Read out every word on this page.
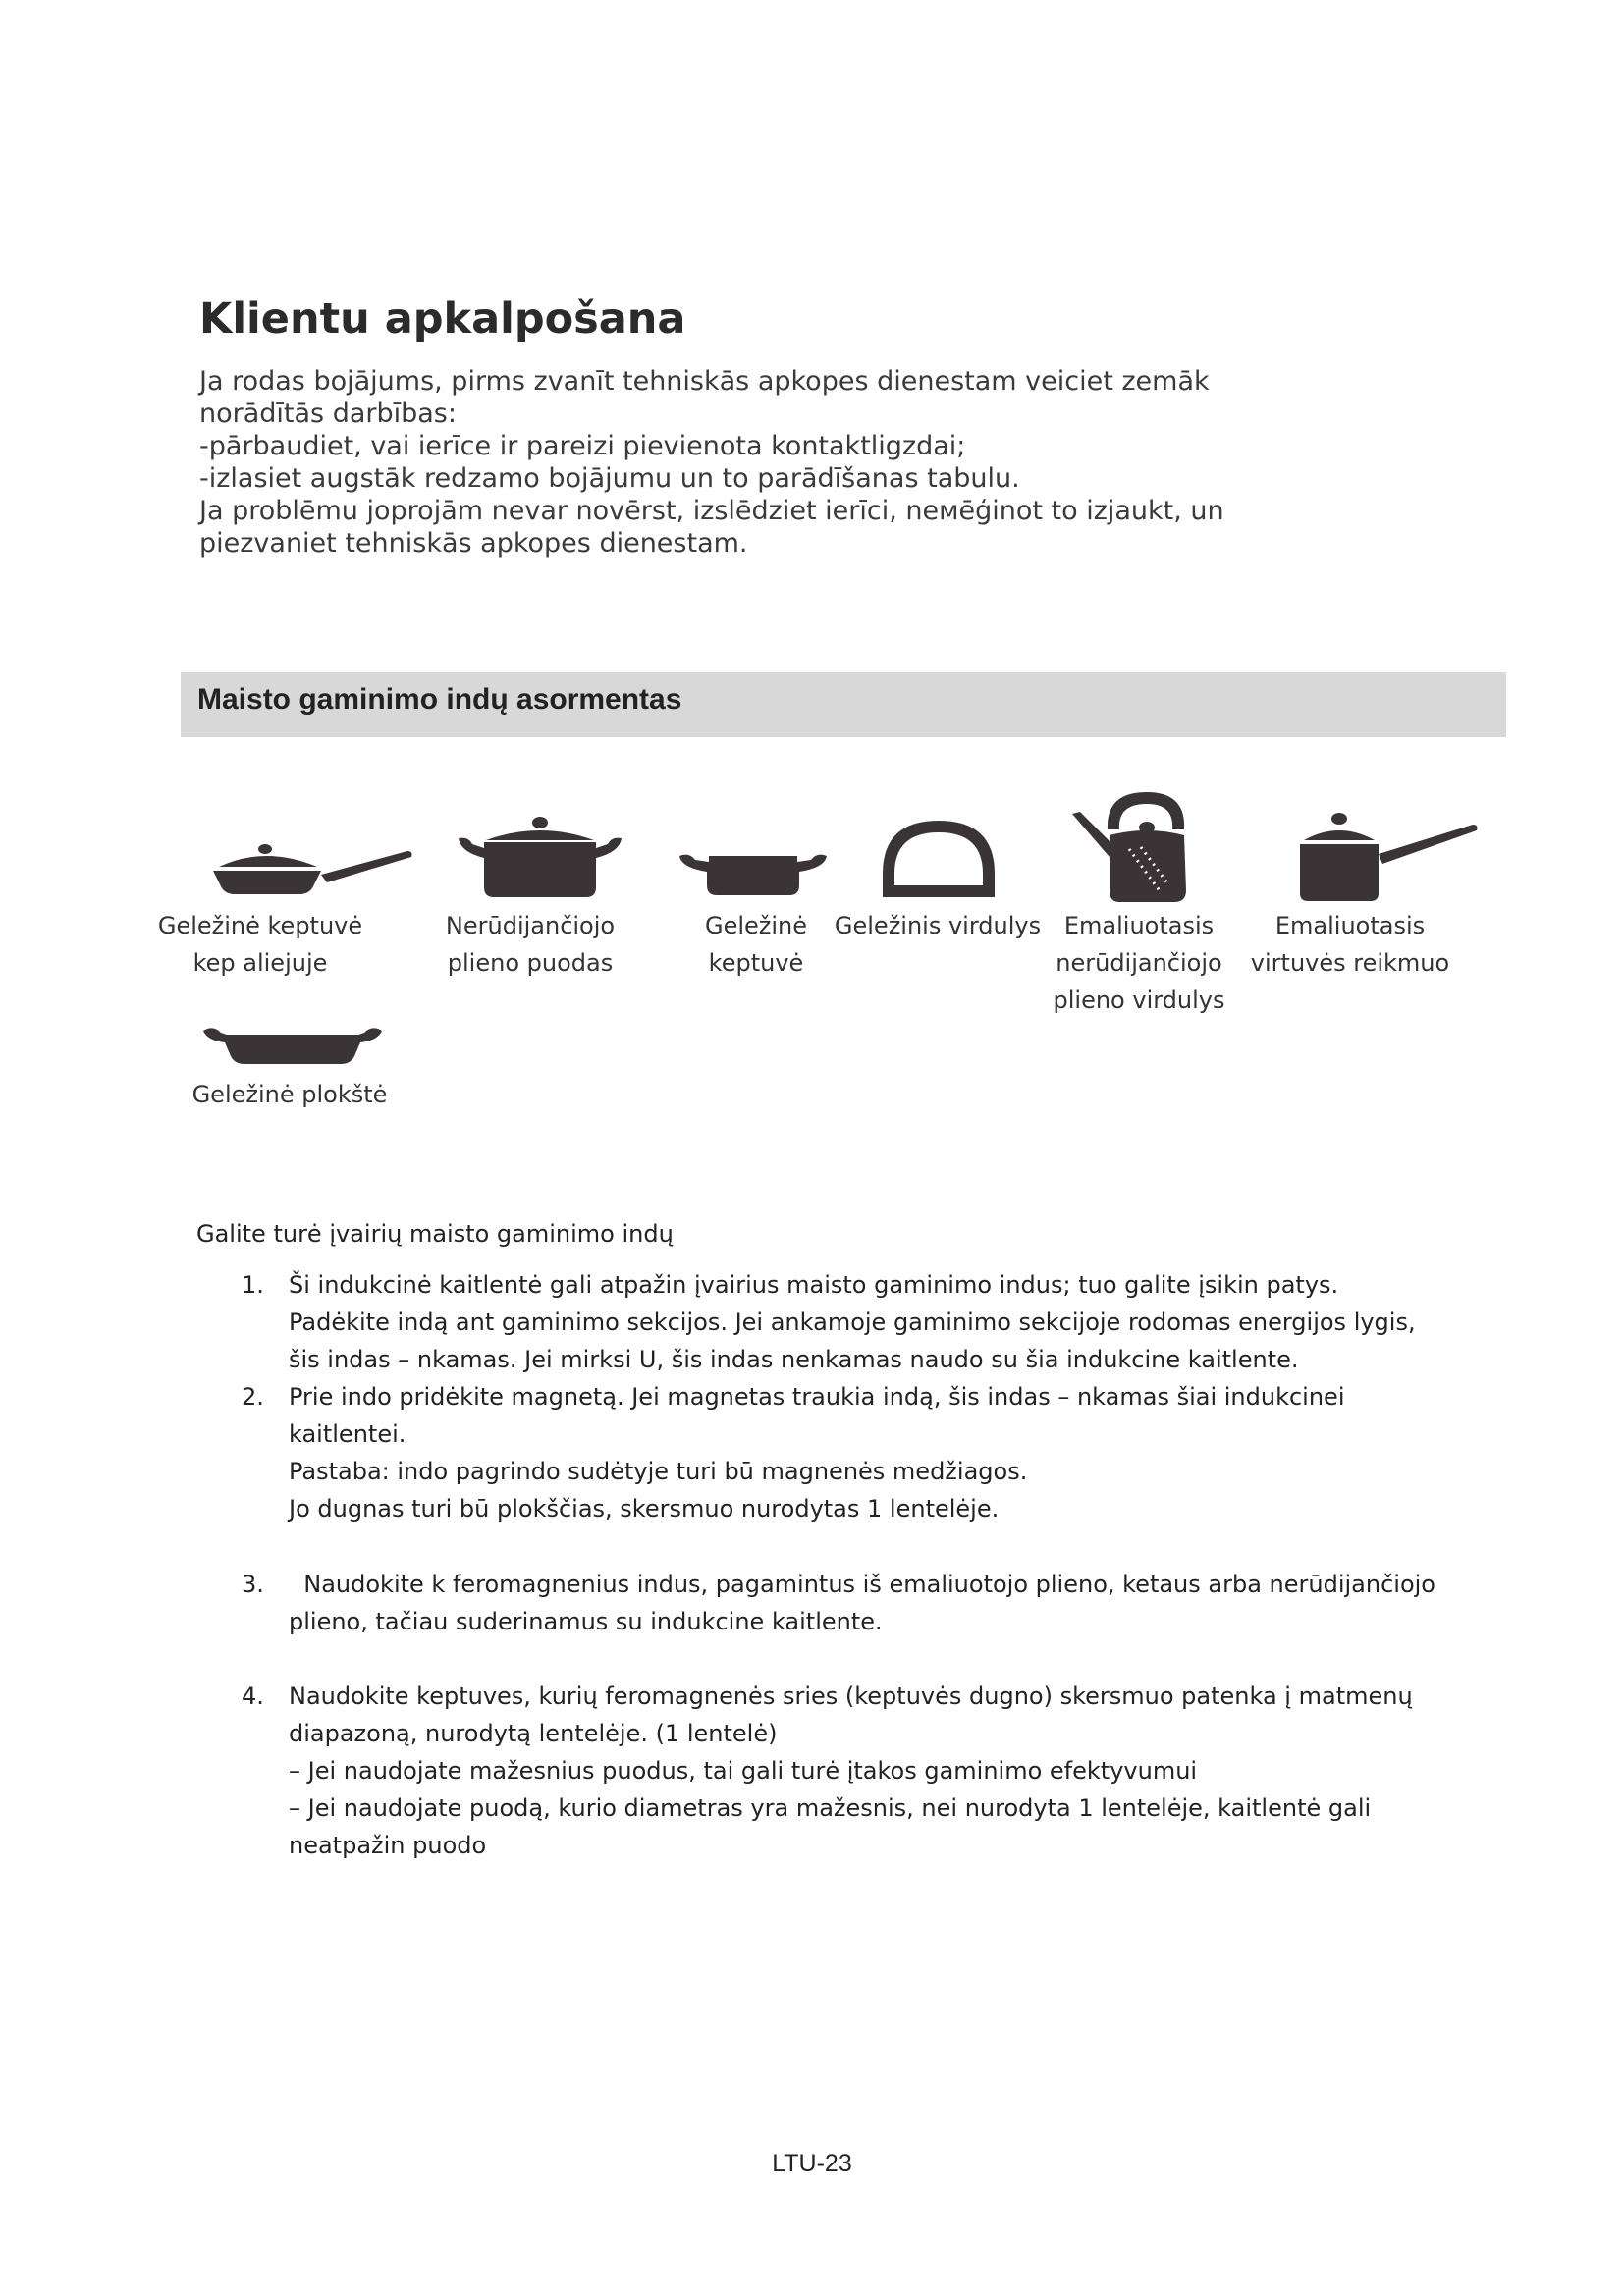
Klientu apkalpošana
Ja rodas bojājums, pirms zvanīt tehniskās apkopes dienestam veiciet zemāk
norādītās darbības:
-pārbaudiet, vai ierīce ir pareizi pievienota kontaktligzdai;
-izlasiet augstāk redzamo bojājumu un to parādīšanas tabulu.
Ja problēmu joprojām nevar novērst, izslēdziet ierīci, neмēģinot to izjaukt, un
piezvaniet tehniskās apkopes dienestam.
Maisto gaminimo indų asormentas
Geležinė keptuvė
kep aliejuje
Nerūdijančiojo
plieno puodas
Geležinė
keptuvė
Geležinis virdulys Emaliuotasis
nerūdijančiojo
plieno virdulys
Emaliuotasis
virtuvės reikmuo
Geležinė plokštė
Galite turė įvairių maisto gaminimo indų
1. Ši indukcinė kaitlentė gali atpažin įvairius maisto gaminimo indus; tuo galite įsikin patys.
Padėkite indą ant gaminimo sekcijos. Jei ankamoje gaminimo sekcijoje rodomas energijos lygis,
šis indas – nkamas. Jei mirksi U, šis indas nenkamas naudo su šia indukcine kaitlente.
2. Prie indo pridėkite magnetą. Jei magnetas traukia indą, šis indas – nkamas šiai indukcinei
kaitlentei.
Pastaba: indo pagrindo sudėtyje turi bū magnenės medžiagos.
Jo dugnas turi bū plokščias, skersmuo nurodytas 1 lentelėje.
3. Naudokite k feromagnenius indus, pagamintus iš emaliuotojo plieno, ketaus arba nerūdijančiojo
plieno, tačiau suderinamus su indukcine kaitlente.
4. Naudokite keptuves, kurių feromagnenės sries (keptuvės dugno) skersmuo patenka į matmenų
diapazoną, nurodytą lentelėje. (1 lentelė)
– Jei naudojate mažesnius puodus, tai gali turė įtakos gaminimo efektyvumui
– Jei naudojate puodą, kurio diametras yra mažesnis, nei nurodyta 1 lentelėje, kaitlentė gali
neatpažin puodo
LTU-23
